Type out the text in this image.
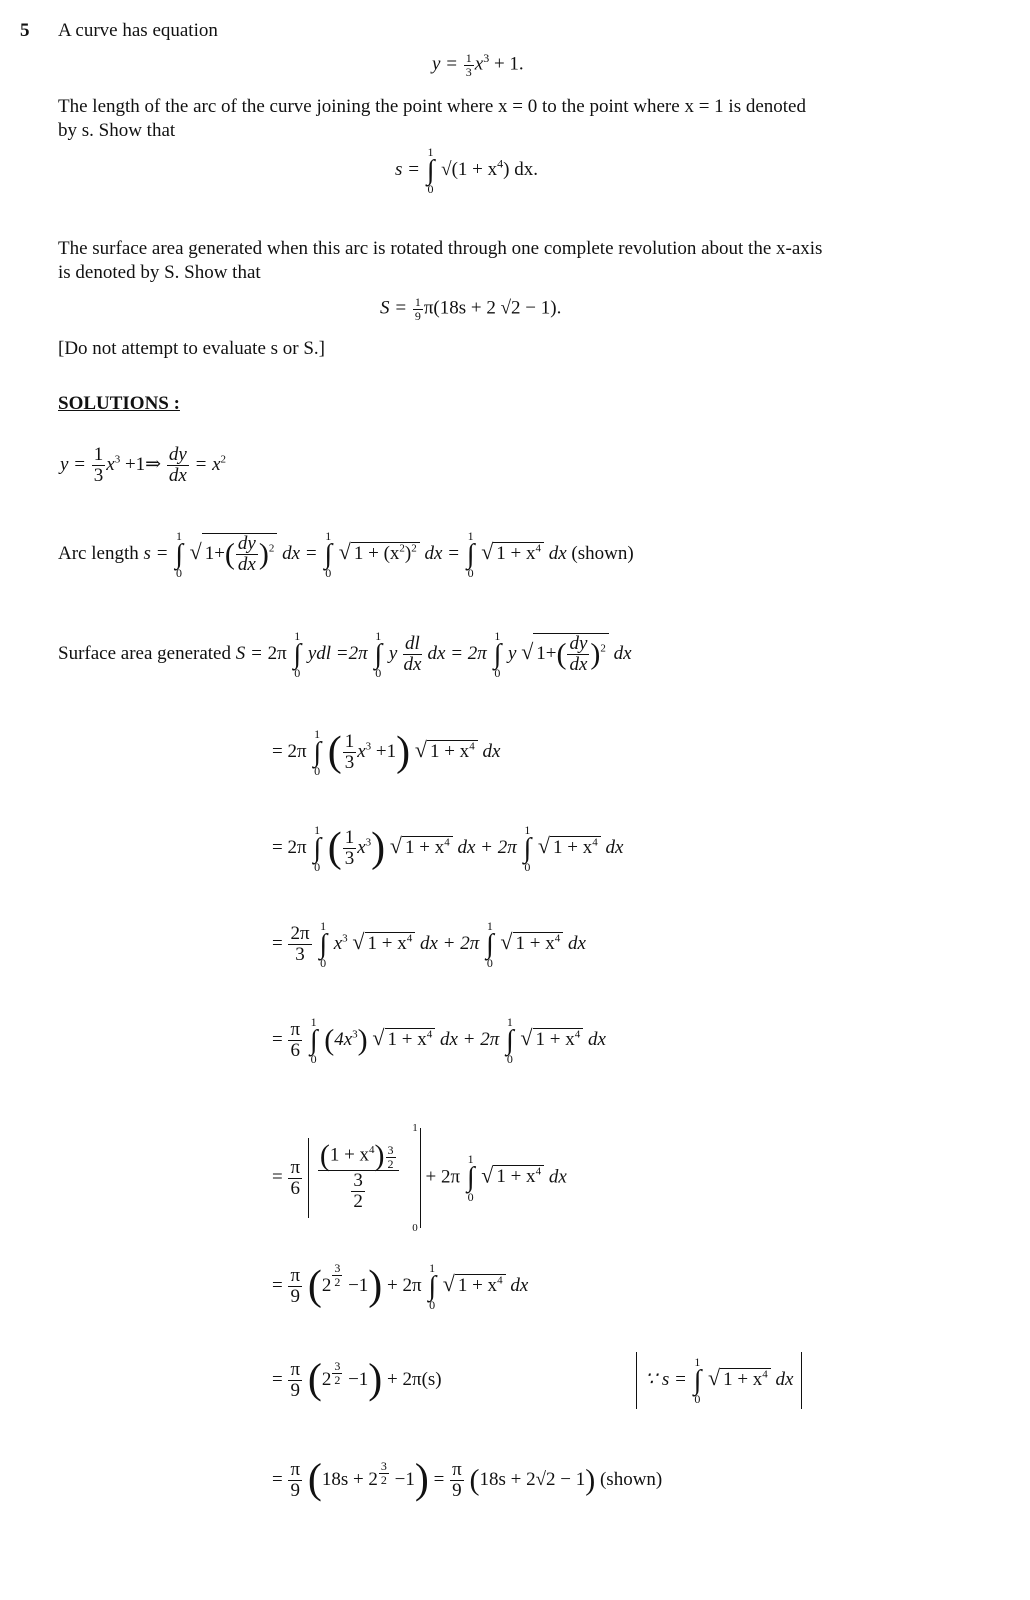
5 A curve has equation
$y = \frac{1}{3} x^3 + 1$.
The length of the arc of the curve joining the point where x = 0 to the point where x = 1 is denoted
by s. Show that
s =
1
∫
0
$√(1 + x^4)$ dx.
The surface area generated when this arc is rotated through one complete revolution about the x-axis
is denoted by S. Show that
$S = \frac{1}{9} \pi(18s + 2$ √2 − 1).
[Do not attempt to evaluate s or S.]
SOLUTIONS :
$y = \frac{1}{3} x^3$ +1⇒ $\frac{dy}{dx} = x^2$
Arc length s =
1
∫
0
√ $1+( \frac{dy}{dx} )^2$ dx =
1
∫
0
√ $1 + (x^2)^2$ dx =
1
∫
0
√ $1 + x^4$ dx (shown)
Surface area generated S = 2π
1
∫
0
ydl =2π
1
∫
0
y $\frac{dl}{dx}$ dx = 2π
1
∫
0
y √ $1+( \frac{dy}{dx} )^2$ dx
= 2π
1
∫
0 ( $\frac{1}{3} x^3 +1$) √ $1 + x^4$ dx
= 2π
1
∫
0 ( $\frac{1}{3} x^3$) √ $1 + x^4$ dx + 2π
1
∫
0
√ $1 + x^4$ dx
= $\frac{2\pi}{3}$
1
∫
0
$x^3$ √ $1 + x^4$ dx + 2π
1
∫
0
√ $1 + x^4$ dx
= $\frac{\pi}{6}$
1
∫
0
$(4x^3)$ √ $1 + x^4$ dx + 2π
1
∫
0
√ $1 + x^4$ dx
= $\frac{\pi}{6}$
$\frac{(1 + x^4) \frac{3}{2}}{\frac{3}{2}}$

1
0
+ 2π
1
∫
0
√ $1 + x^4$ dx
= $\frac{\pi}{9} (2 \frac{3}{2} -1) + 2\pi$
1
∫
0
√ $1 + x^4$ dx
= $\frac{\pi}{9} (2 \frac{3}{2} -1) + 2\pi(s)$	∵ s =
1
∫
0
√ $1 + x^4$ dx
= $\frac{\pi}{9} (18s + 2 \frac{3}{2} -1) = \frac{\pi}{9} (18s + 2√2 - 1)$ (shown)
